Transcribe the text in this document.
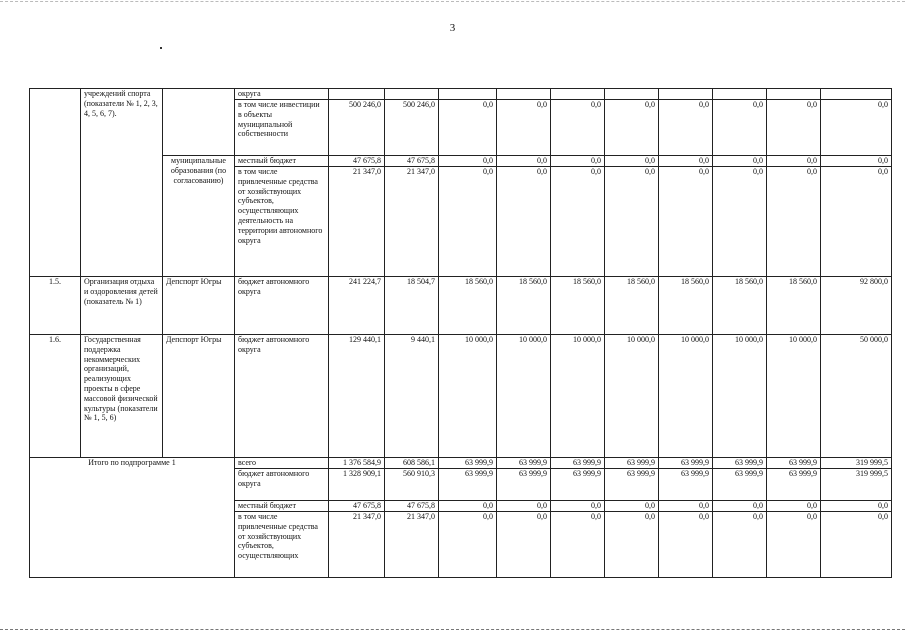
3
	учреждений спорта (показатели № 1, 2, 3, 4, 5, 6, 7).		округа										
			в том числе инвестиции в объекты муниципальной собственности	500 246,0	500 246,0	0,0	0,0	0,0	0,0	0,0	0,0	0,0	0,0
		муниципальные образования (по согласованию)	местный бюджет	47 675,8	47 675,8	0,0	0,0	0,0	0,0	0,0	0,0	0,0	0,0
			в том числе привлеченные средства от хозяйствующих субъектов, осуществляющих деятельность на территории автономного округа	21 347,0	21 347,0	0,0	0,0	0,0	0,0	0,0	0,0	0,0	0,0
1.5.	Организация отдыха и оздоровления детей (показатель № 1)	Депспорт Югры	бюджет автономного округа	241 224,7	18 504,7	18 560,0	18 560,0	18 560,0	18 560,0	18 560,0	18 560,0	18 560,0	92 800,0
1.6.	Государственная поддержка некоммерческих организаций, реализующих проекты в сфере массовой физической культуры (показатели № 1, 5, 6)	Депспорт Югры	бюджет автономного округа	129 440,1	9 440,1	10 000,0	10 000,0	10 000,0	10 000,0	10 000,0	10 000,0	10 000,0	50 000,0
Итого по подпрограмме 1			всего	1 376 584,9	608 586,1	63 999,9	63 999,9	63 999,9	63 999,9	63 999,9	63 999,9	63 999,9	319 999,5
			бюджет автономного округа	1 328 909,1	560 910,3	63 999,9	63 999,9	63 999,9	63 999,9	63 999,9	63 999,9	63 999,9	319 999,5
			местный бюджет	47 675,8	47 675,8	0,0	0,0	0,0	0,0	0,0	0,0	0,0	0,0
			в том числе привлеченные средства от хозяйствующих субъектов, осуществляющих	21 347,0	21 347,0	0,0	0,0	0,0	0,0	0,0	0,0	0,0	0,0
